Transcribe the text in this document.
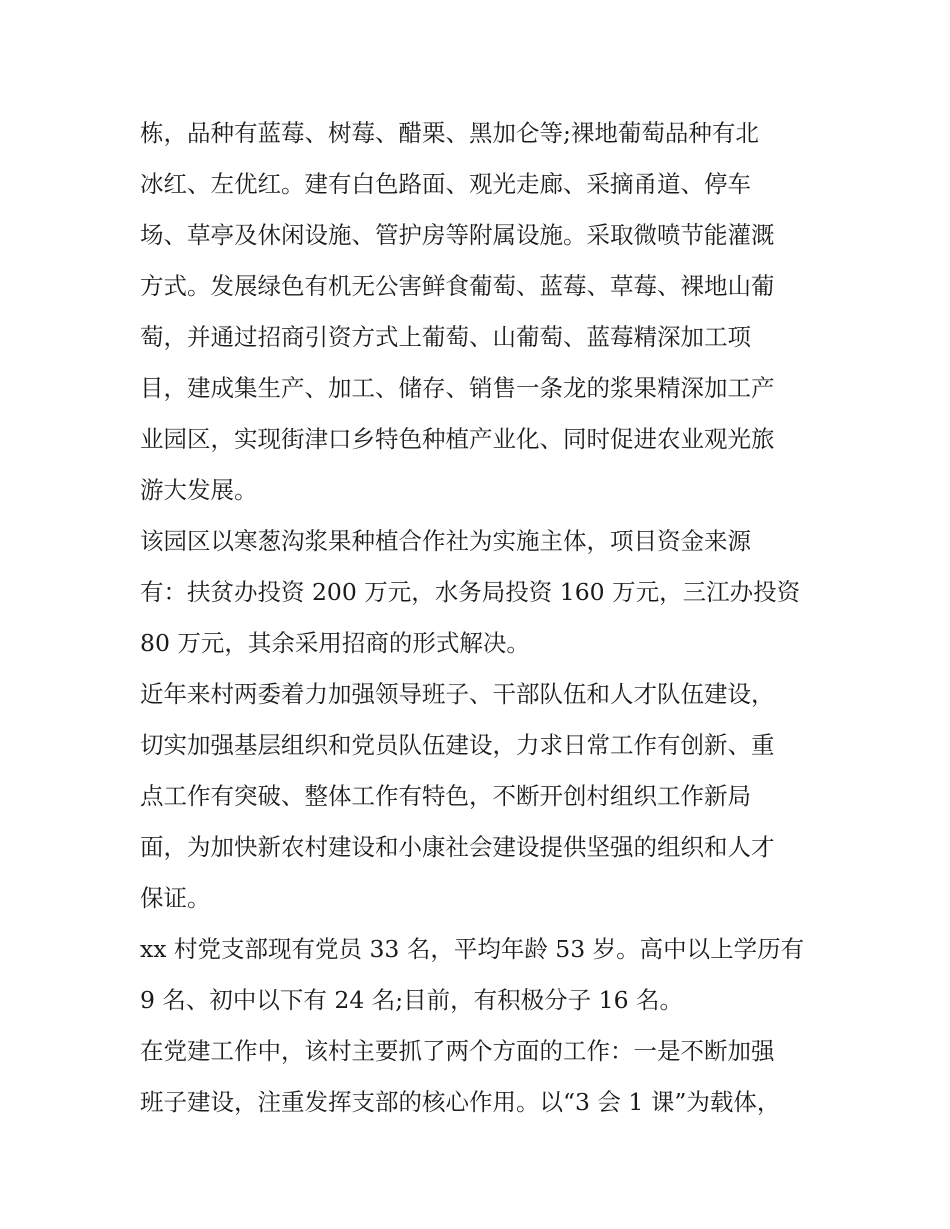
栋，品种有蓝莓、树莓、醋栗、黑加仑等;裸地葡萄品种有北
冰红、左优红。建有白色路面、观光走廊、采摘甬道、停车
场、草亭及休闲设施、管护房等附属设施。采取微喷节能灌溉
方式。发展绿色有机无公害鲜食葡萄、蓝莓、草莓、裸地山葡
萄，并通过招商引资方式上葡萄、山葡萄、蓝莓精深加工项
目，建成集生产、加工、储存、销售一条龙的浆果精深加工产
业园区，实现街津口乡特色种植产业化、同时促进农业观光旅
游大发展。
该园区以寒葱沟浆果种植合作社为实施主体，项目资金来源
有：扶贫办投资 200 万元，水务局投资 160 万元，三江办投资
80 万元，其余采用招商的形式解决。
近年来村两委着力加强领导班子、干部队伍和人才队伍建设，
切实加强基层组织和党员队伍建设，力求日常工作有创新、重
点工作有突破、整体工作有特色，不断开创村组织工作新局
面，为加快新农村建设和小康社会建设提供坚强的组织和人才
保证。
xx 村党支部现有党员 33 名，平均年龄 53 岁。高中以上学历有
9 名、初中以下有 24 名;目前，有积极分子 16 名。
在党建工作中，该村主要抓了两个方面的工作：一是不断加强
班子建设，注重发挥支部的核心作用。以“3 会 1 课”为载体，
